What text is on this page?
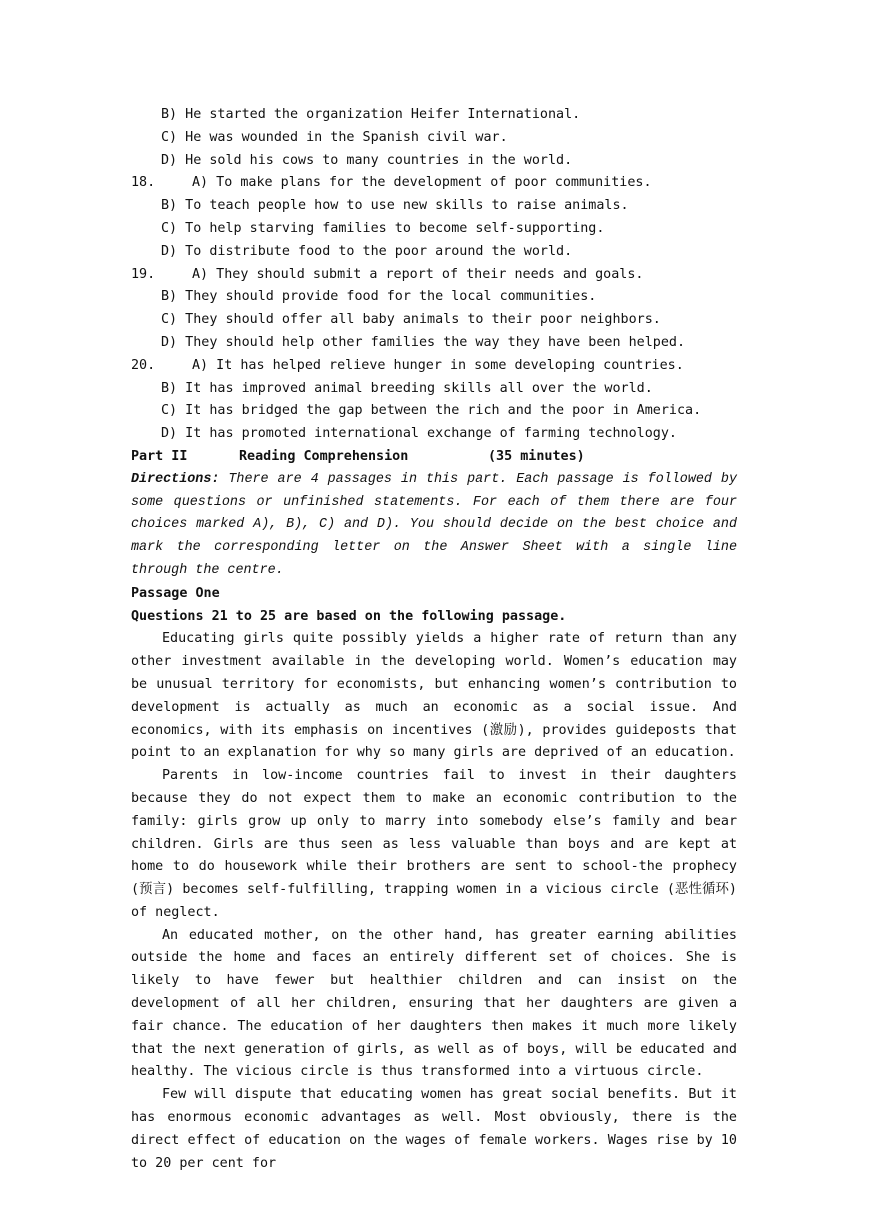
B) He started the organization Heifer International.
C) He was wounded in the Spanish civil war.
D) He sold his cows to many countries in the world.
18.	A) To make plans for the development of poor communities.
B) To teach people how to use new skills to raise animals.
C) To help starving families to become self-supporting.
D) To distribute food to the poor around the world.
19.	A) They should submit a report of their needs and goals.
B) They should provide food for the local communities.
C) They should offer all baby animals to their poor neighbors.
D) They should help other families the way they have been helped.
20.	A) It has helped relieve hunger in some developing countries.
B) It has improved animal breeding skills all over the world.
C) It has bridged the gap between the rich and the poor in America.
D) It has promoted international exchange of farming technology.
Part II	Reading Comprehension	(35 minutes)

Directions: There are 4 passages in this part. Each passage is followed by some questions or unfinished statements. For each of them there are four choices marked A), B), C) and D). You should decide on the best choice and mark the corresponding letter on the Answer Sheet with a single line through the centre.

Passage One
Questions 21 to 25 are based on the following passage.

Educating girls quite possibly yields a higher rate of return than any other investment available in the developing world. Women’s education may be unusual territory for economists, but enhancing women’s contribution to development is actually as much an economic as a social issue. And economics, with its emphasis on incentives (激励), provides guideposts that point to an explanation for why so many girls are deprived of an education.

Parents in low-income countries fail to invest in their daughters because they do not expect them to make an economic contribution to the family: girls grow up only to marry into somebody else’s family and bear children. Girls are thus seen as less valuable than boys and are kept at home to do housework while their brothers are sent to school-the prophecy (预言) becomes self-fulfilling, trapping women in a vicious circle (恶性循环) of neglect.

An educated mother, on the other hand, has greater earning abilities outside the home and faces an entirely different set of choices. She is likely to have fewer but healthier children and can insist on the development of all her children, ensuring that her daughters are given a fair chance. The education of her daughters then makes it much more likely that the next generation of girls, as well as of boys, will be educated and healthy. The vicious circle is thus transformed into a virtuous circle.

Few will dispute that educating women has great social benefits. But it has enormous economic advantages as well. Most obviously, there is the direct effect of education on the wages of female workers. Wages rise by 10 to 20 per cent for
